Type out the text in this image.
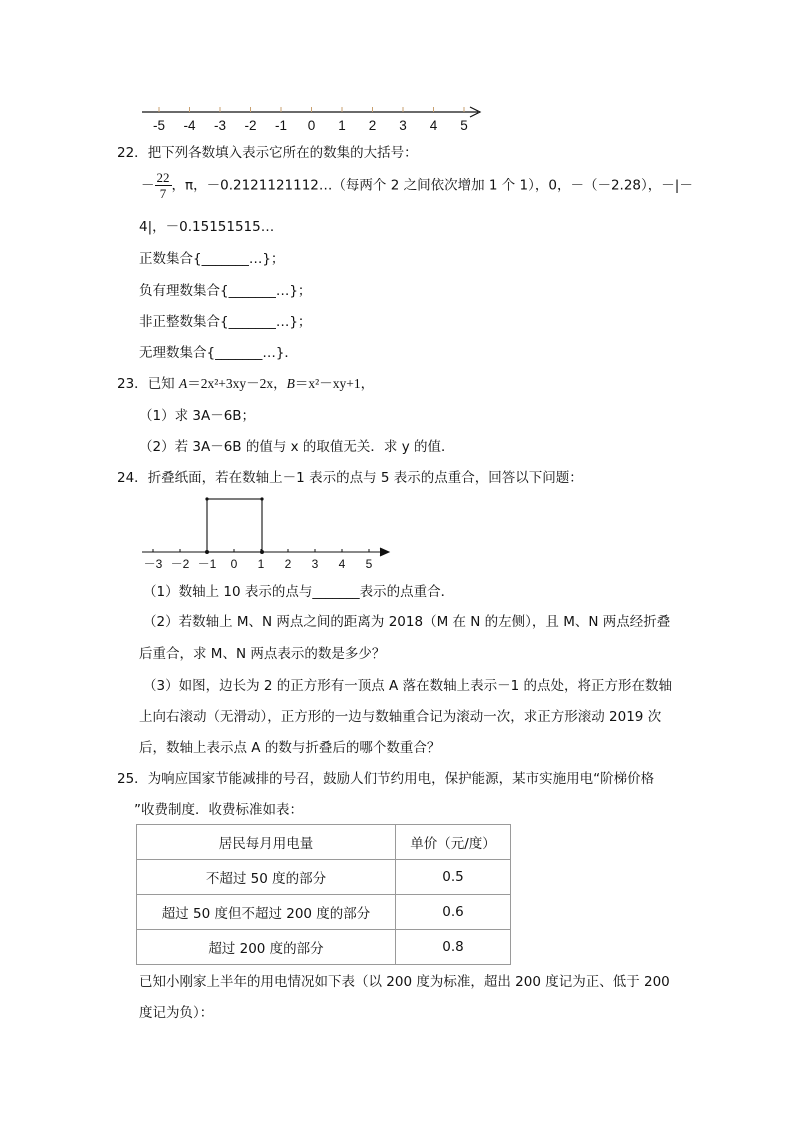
-5 -4 -3 -2 -1 0 1 2 3 4 5
22．把下列各数填入表示它所在的数集的大括号：
－ $\frac{22}{7}$ ，π，－0.2121121112…（每两个 2 之间依次增加 1 个 1），0，－（－2.28），－|－
4|，－0.15151515…
正数集合{_______…}；
负有理数集合{_______…}；
非正整数集合{_______…}；
无理数集合{_______…}．
23．已知 A＝2x²+3xy－2x，B＝x²－xy+1，
（1）求 3A－6B；
（2）若 3A－6B 的值与 x 的取值无关．求 y 的值．
24．折叠纸面，若在数轴上－1 表示的点与 5 表示的点重合，回答以下问题：
－3 －2 －1 0 1 2 3 4 5
（1）数轴上 10 表示的点与_______表示的点重合．
（2）若数轴上 M、N 两点之间的距离为 2018（M 在 N 的左侧），且 M、N 两点经折叠
后重合，求 M、N 两点表示的数是多少？
（3）如图，边长为 2 的正方形有一顶点 A 落在数轴上表示－1 的点处，将正方形在数轴
上向右滚动（无滑动），正方形的一边与数轴重合记为滚动一次，求正方形滚动 2019 次
后，数轴上表示点 A 的数与折叠后的哪个数重合？
25．为响应国家节能减排的号召，鼓励人们节约用电，保护能源，某市实施用电“阶梯价格
”收费制度．收费标准如表：
居民每月用电量	单价（元/度）
不超过 50 度的部分	0.5
超过 50 度但不超过 200 度的部分	0.6
超过 200 度的部分	0.8
已知小刚家上半年的用电情况如下表（以 200 度为标准，超出 200 度记为正、低于 200
度记为负）：
